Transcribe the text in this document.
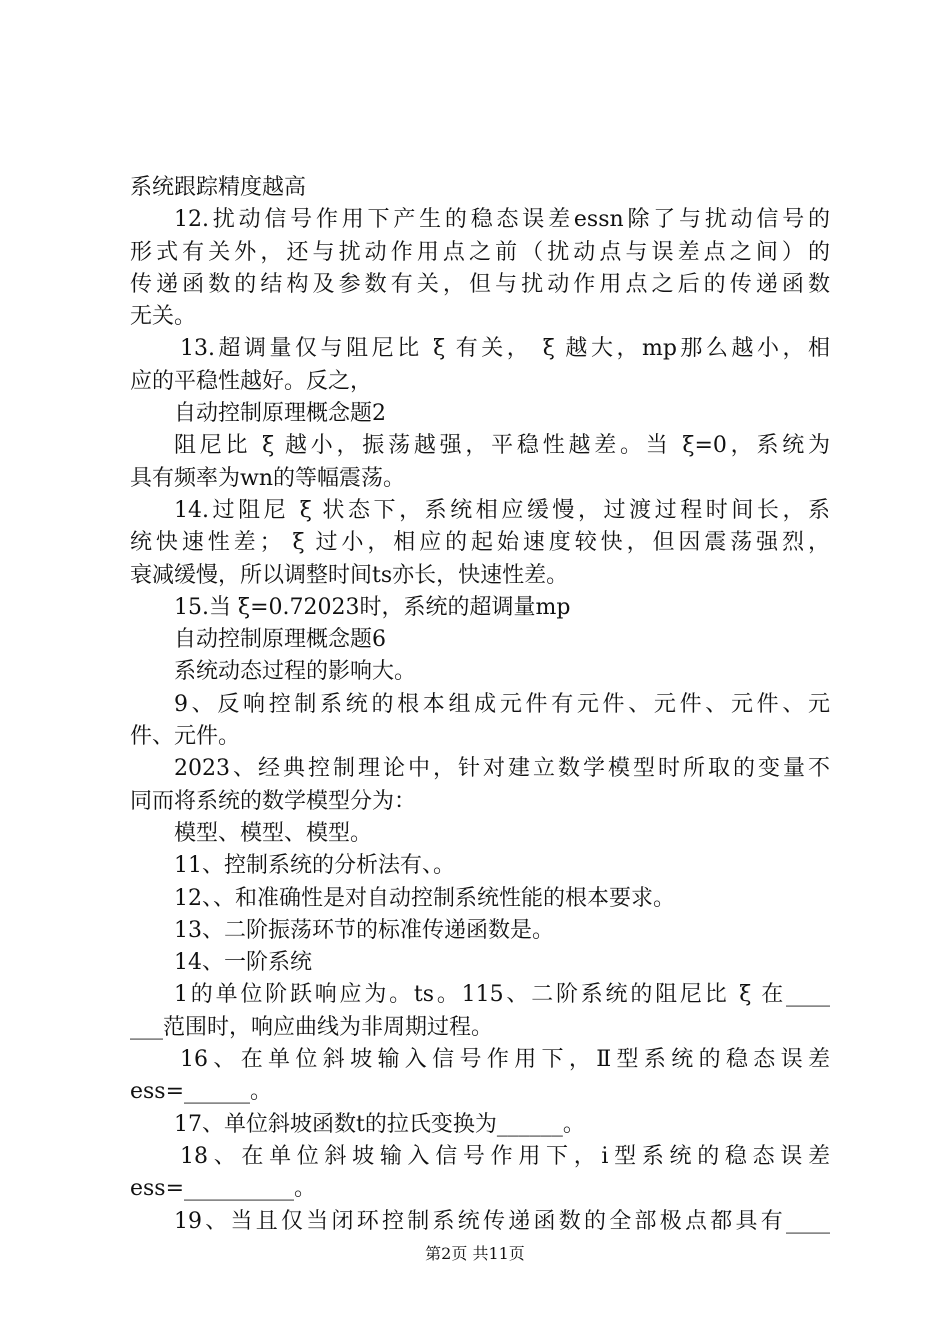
系统跟踪精度越高
12.扰动信号作用下产生的稳态误差essn除了与扰动信号的
形式有关外，还与扰动作用点之前（扰动点与误差点之间）的
传递函数的结构及参数有关，但与扰动作用点之后的传递函数
无关。
13.超调量仅与阻尼比 ξ 有关， ξ 越大，mp那么越小，相
应的平稳性越好。反之，
自动控制原理概念题2
阻尼比 ξ 越小，振荡越强，平稳性越差。当 ξ=0，系统为
具有频率为wn的等幅震荡。
14.过阻尼 ξ 状态下，系统相应缓慢，过渡过程时间长，系
统快速性差； ξ 过小，相应的起始速度较快，但因震荡强烈，
衰减缓慢，所以调整时间ts亦长，快速性差。
15.当 ξ=0.72023时，系统的超调量mp
自动控制原理概念题6
系统动态过程的影响大。
9、反响控制系统的根本组成元件有元件、元件、元件、元
件、元件。
2023、经典控制理论中，针对建立数学模型时所取的变量不
同而将系统的数学模型分为：
模型、模型、模型。
11、控制系统的分析法有、。
12、、和准确性是对自动控制系统性能的根本要求。
13、二阶振荡环节的标准传递函数是。
14、一阶系统
1的单位阶跃响应为。ts。115、二阶系统的阻尼比 ξ 在____
___范围时，响应曲线为非周期过程。
16、在单位斜坡输入信号作用下，Ⅱ型系统的稳态误差
ess=______。
17、单位斜坡函数t的拉氏变换为______。
18、在单位斜坡输入信号作用下，i型系统的稳态误差
ess=__________。
19、当且仅当闭环控制系统传递函数的全部极点都具有____
第2页 共11页
